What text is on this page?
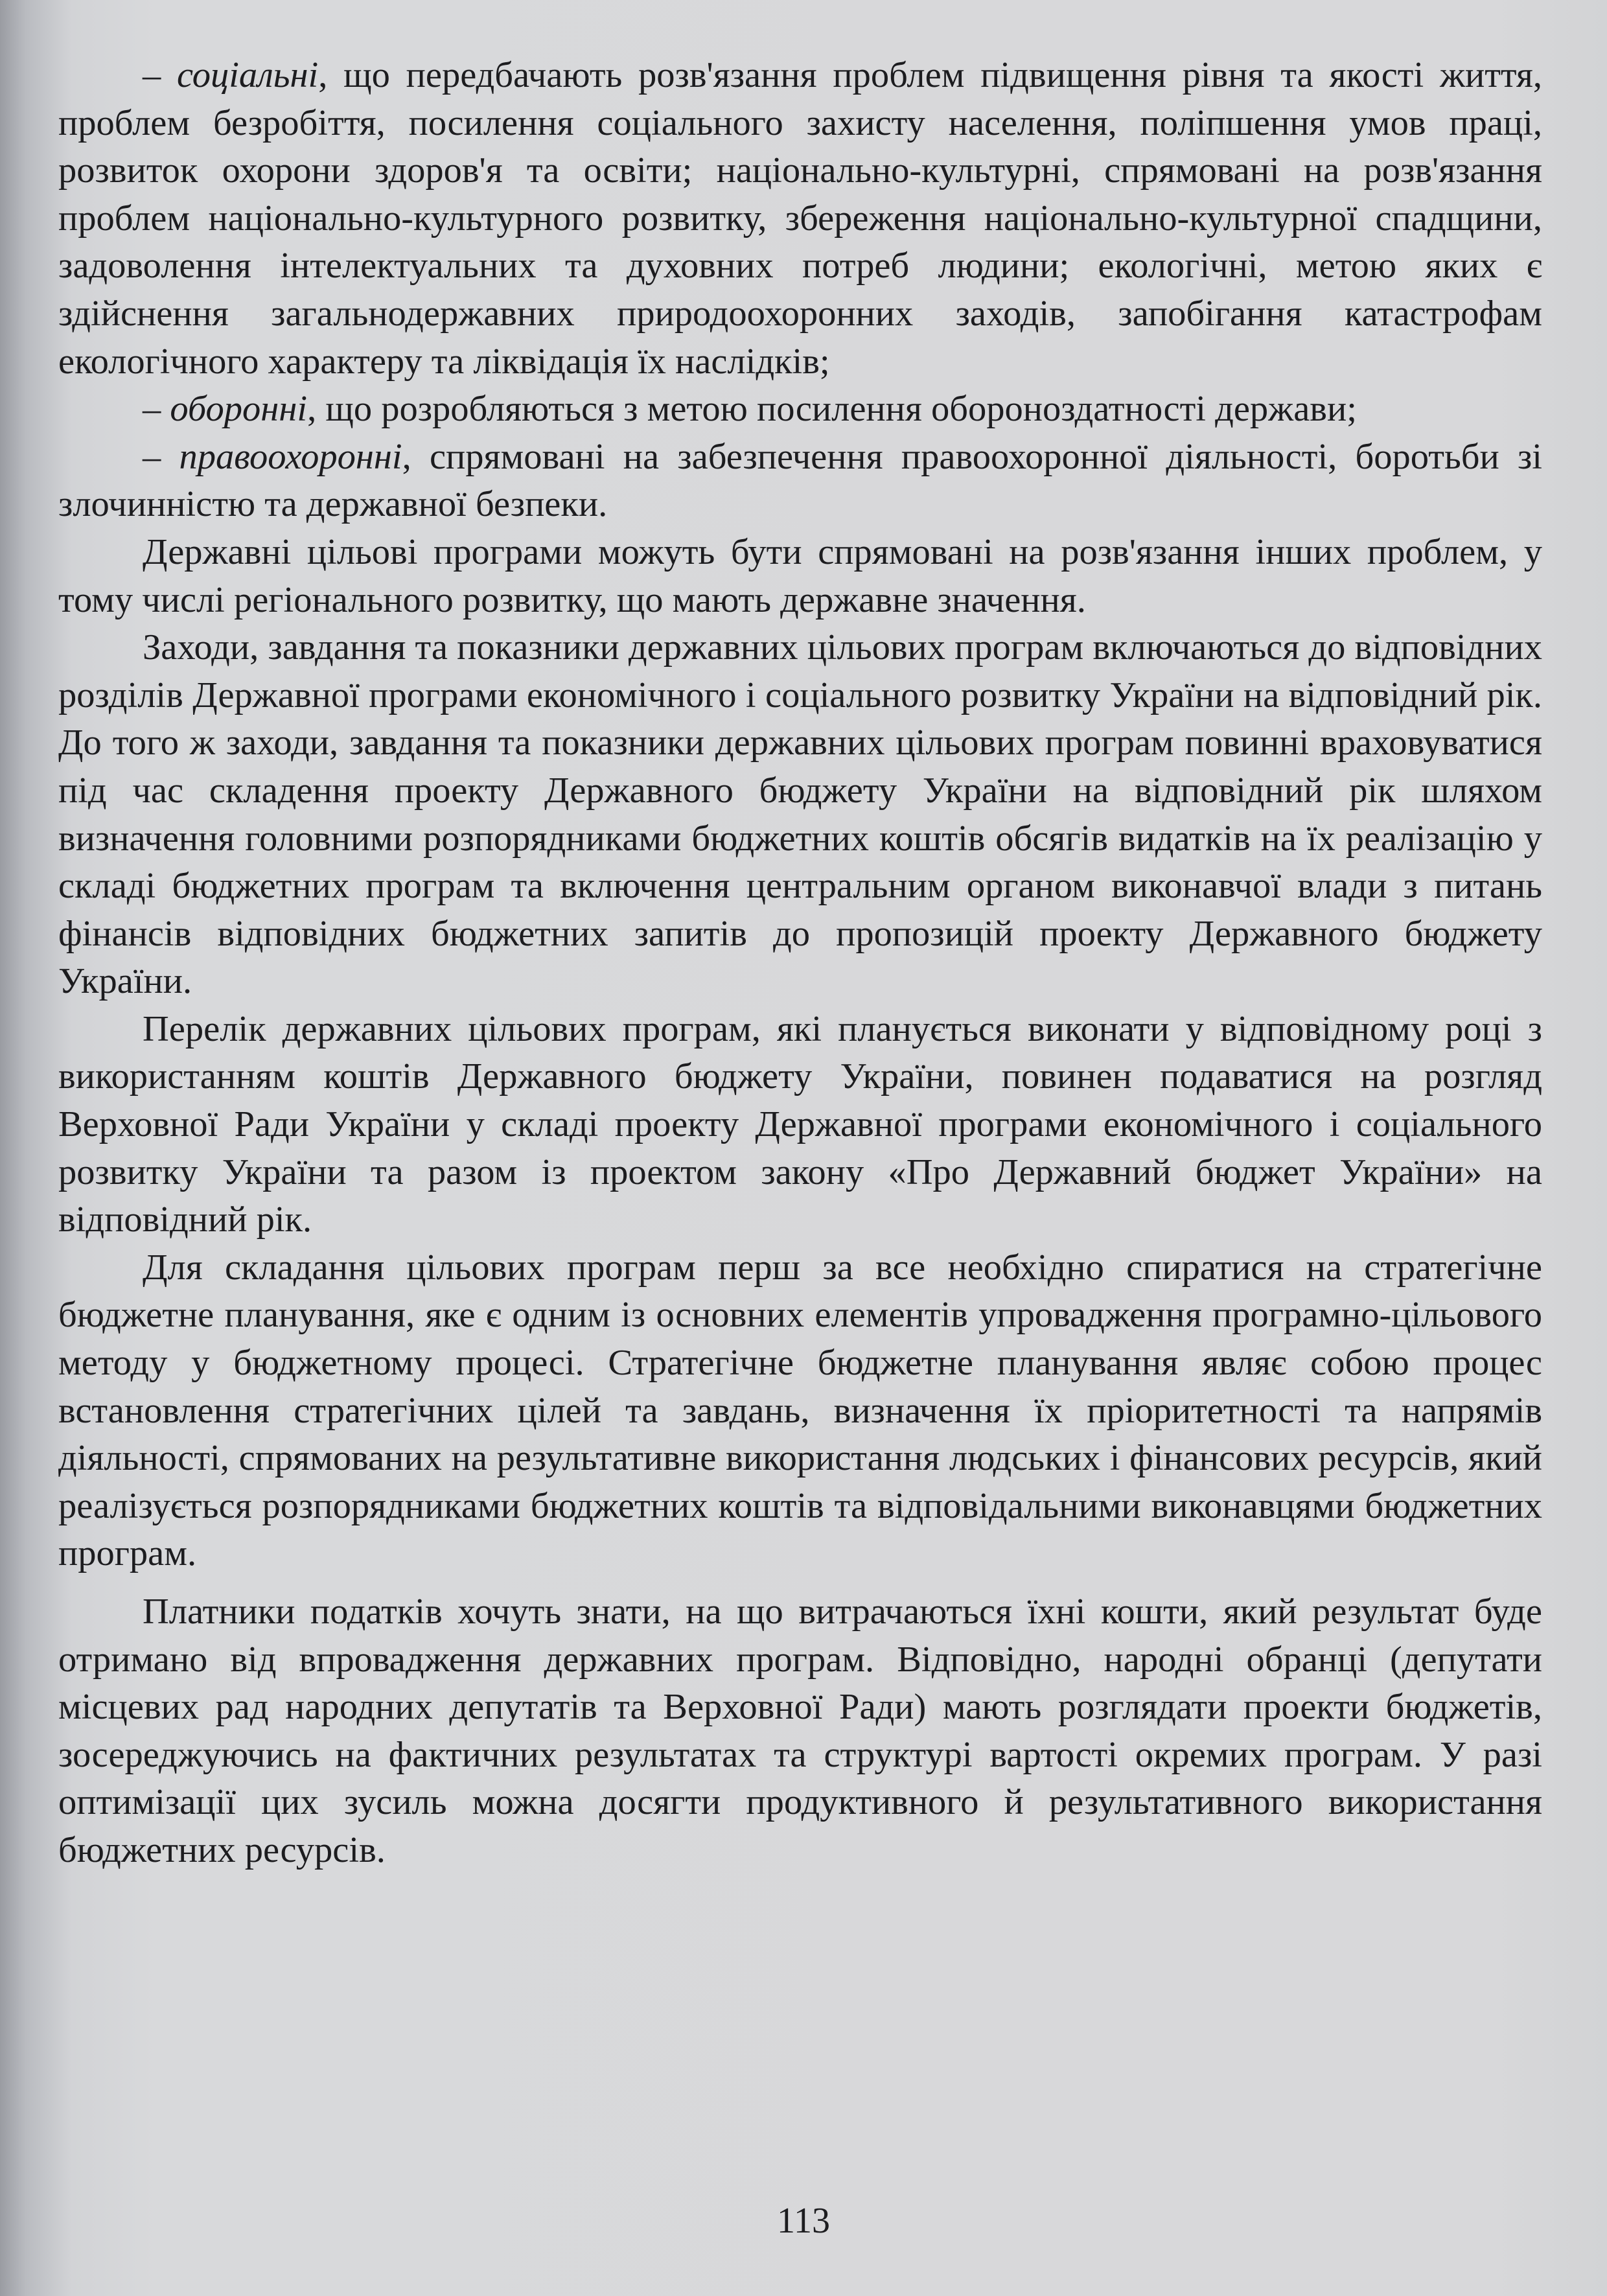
– соціальні, що передбачають розв'язання проблем підвищення рівня та якості життя, проблем безробіття, посилення соціального захисту населення, поліпшення умов праці, розвиток охорони здоров'я та освіти; національно-культурні, спрямовані на розв'язання проблем національно-культурного розвитку, збереження національно-культурної спадщини, задоволення інтелектуальних та духовних потреб людини; екологічні, метою яких є здійснення загальнодержавних природоохоронних заходів, запобігання катастрофам екологічного характеру та ліквідація їх наслідків;

– оборонні, що розробляються з метою посилення обороноздатності держави;

– правоохоронні, спрямовані на забезпечення правоохоронної діяльності, боротьби зі злочинністю та державної безпеки.

Державні цільові програми можуть бути спрямовані на розв'язання інших проблем, у тому числі регіонального розвитку, що мають державне значення.

Заходи, завдання та показники державних цільових програм включаються до відповідних розділів Державної програми економічного і соціального розвитку України на відповідний рік. До того ж заходи, завдання та показники державних цільових програм повинні враховуватися під час складення проекту Державного бюджету України на відповідний рік шляхом визначення головними розпорядниками бюджетних коштів обсягів видатків на їх реалізацію у складі бюджетних програм та включення центральним органом виконавчої влади з питань фінансів відповідних бюджетних запитів до пропозицій проекту Державного бюджету України.

Перелік державних цільових програм, які планується виконати у відповідному році з використанням коштів Державного бюджету України, повинен подаватися на розгляд Верховної Ради України у складі проекту Державної програми економічного і соціального розвитку України та разом із проектом закону «Про Державний бюджет України» на відповідний рік.

Для складання цільових програм перш за все необхідно спиратися на стратегічне бюджетне планування, яке є одним із основних елементів упровадження програмно-цільового методу у бюджетному процесі. Стратегічне бюджетне планування являє собою процес встановлення стратегічних цілей та завдань, визначення їх пріоритетності та напрямів діяльності, спрямованих на результативне використання людських і фінансових ресурсів, який реалізується розпорядниками бюджетних коштів та відповідальними виконавцями бюджетних програм.

Платники податків хочуть знати, на що витрачаються їхні кошти, який результат буде отримано від впровадження державних програм. Відповідно, народні обранці (депутати місцевих рад народних депутатів та Верховної Ради) мають розглядати проекти бюджетів, зосереджуючись на фактичних результатах та структурі вартості окремих програм. У разі оптимізації цих зусиль можна досягти продуктивного й результативного використання бюджетних ресурсів.

113
